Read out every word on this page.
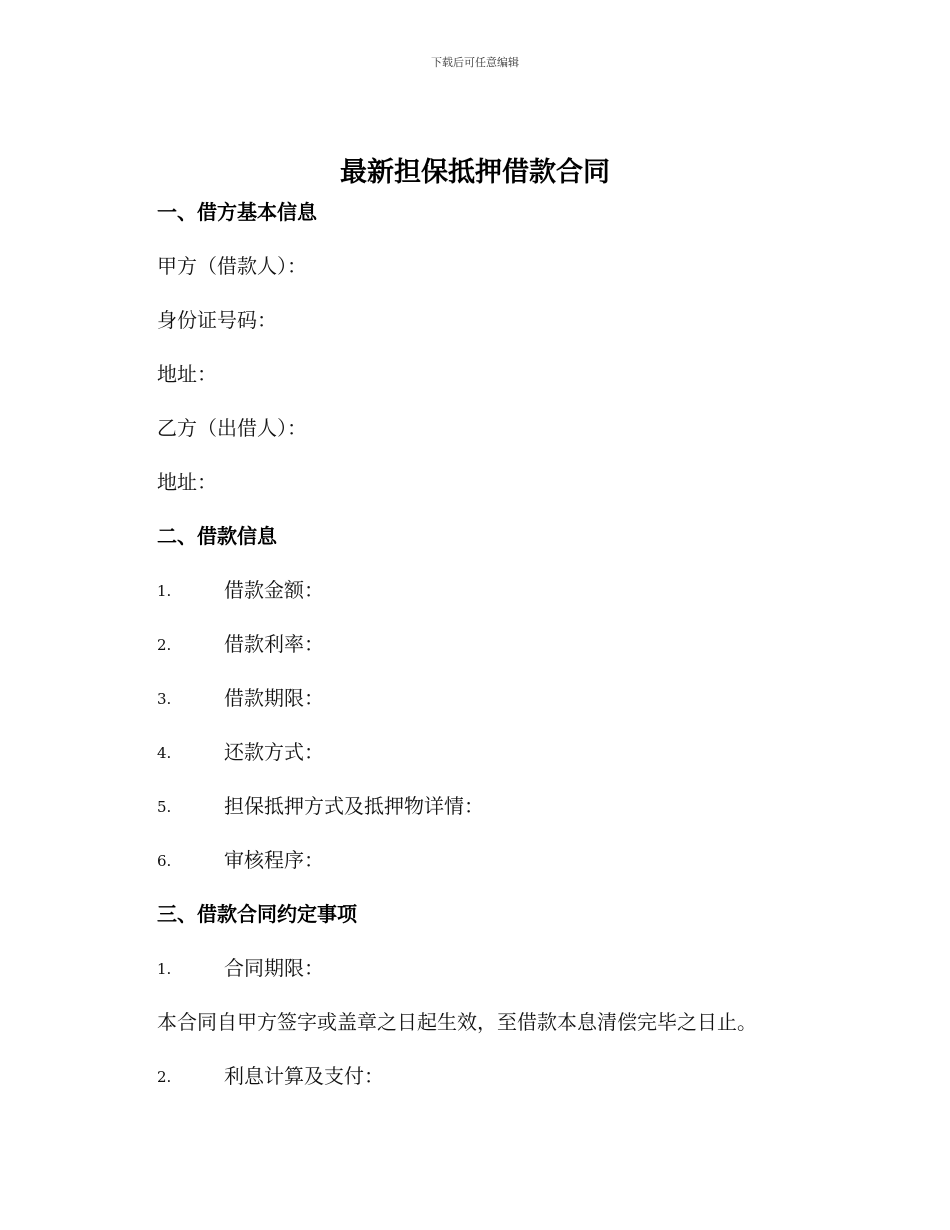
下载后可任意编辑
最新担保抵押借款合同
一、借方基本信息
甲方（借款人）：
身份证号码：
地址：
乙方（出借人）：
地址：
二、借款信息
1.	借款金额：
2.	借款利率：
3.	借款期限：
4.	还款方式：
5.	担保抵押方式及抵押物详情：
6.	审核程序：
三、借款合同约定事项
1.	合同期限：
本合同自甲方签字或盖章之日起生效，至借款本息清偿完毕之日止。
2.	利息计算及支付：
